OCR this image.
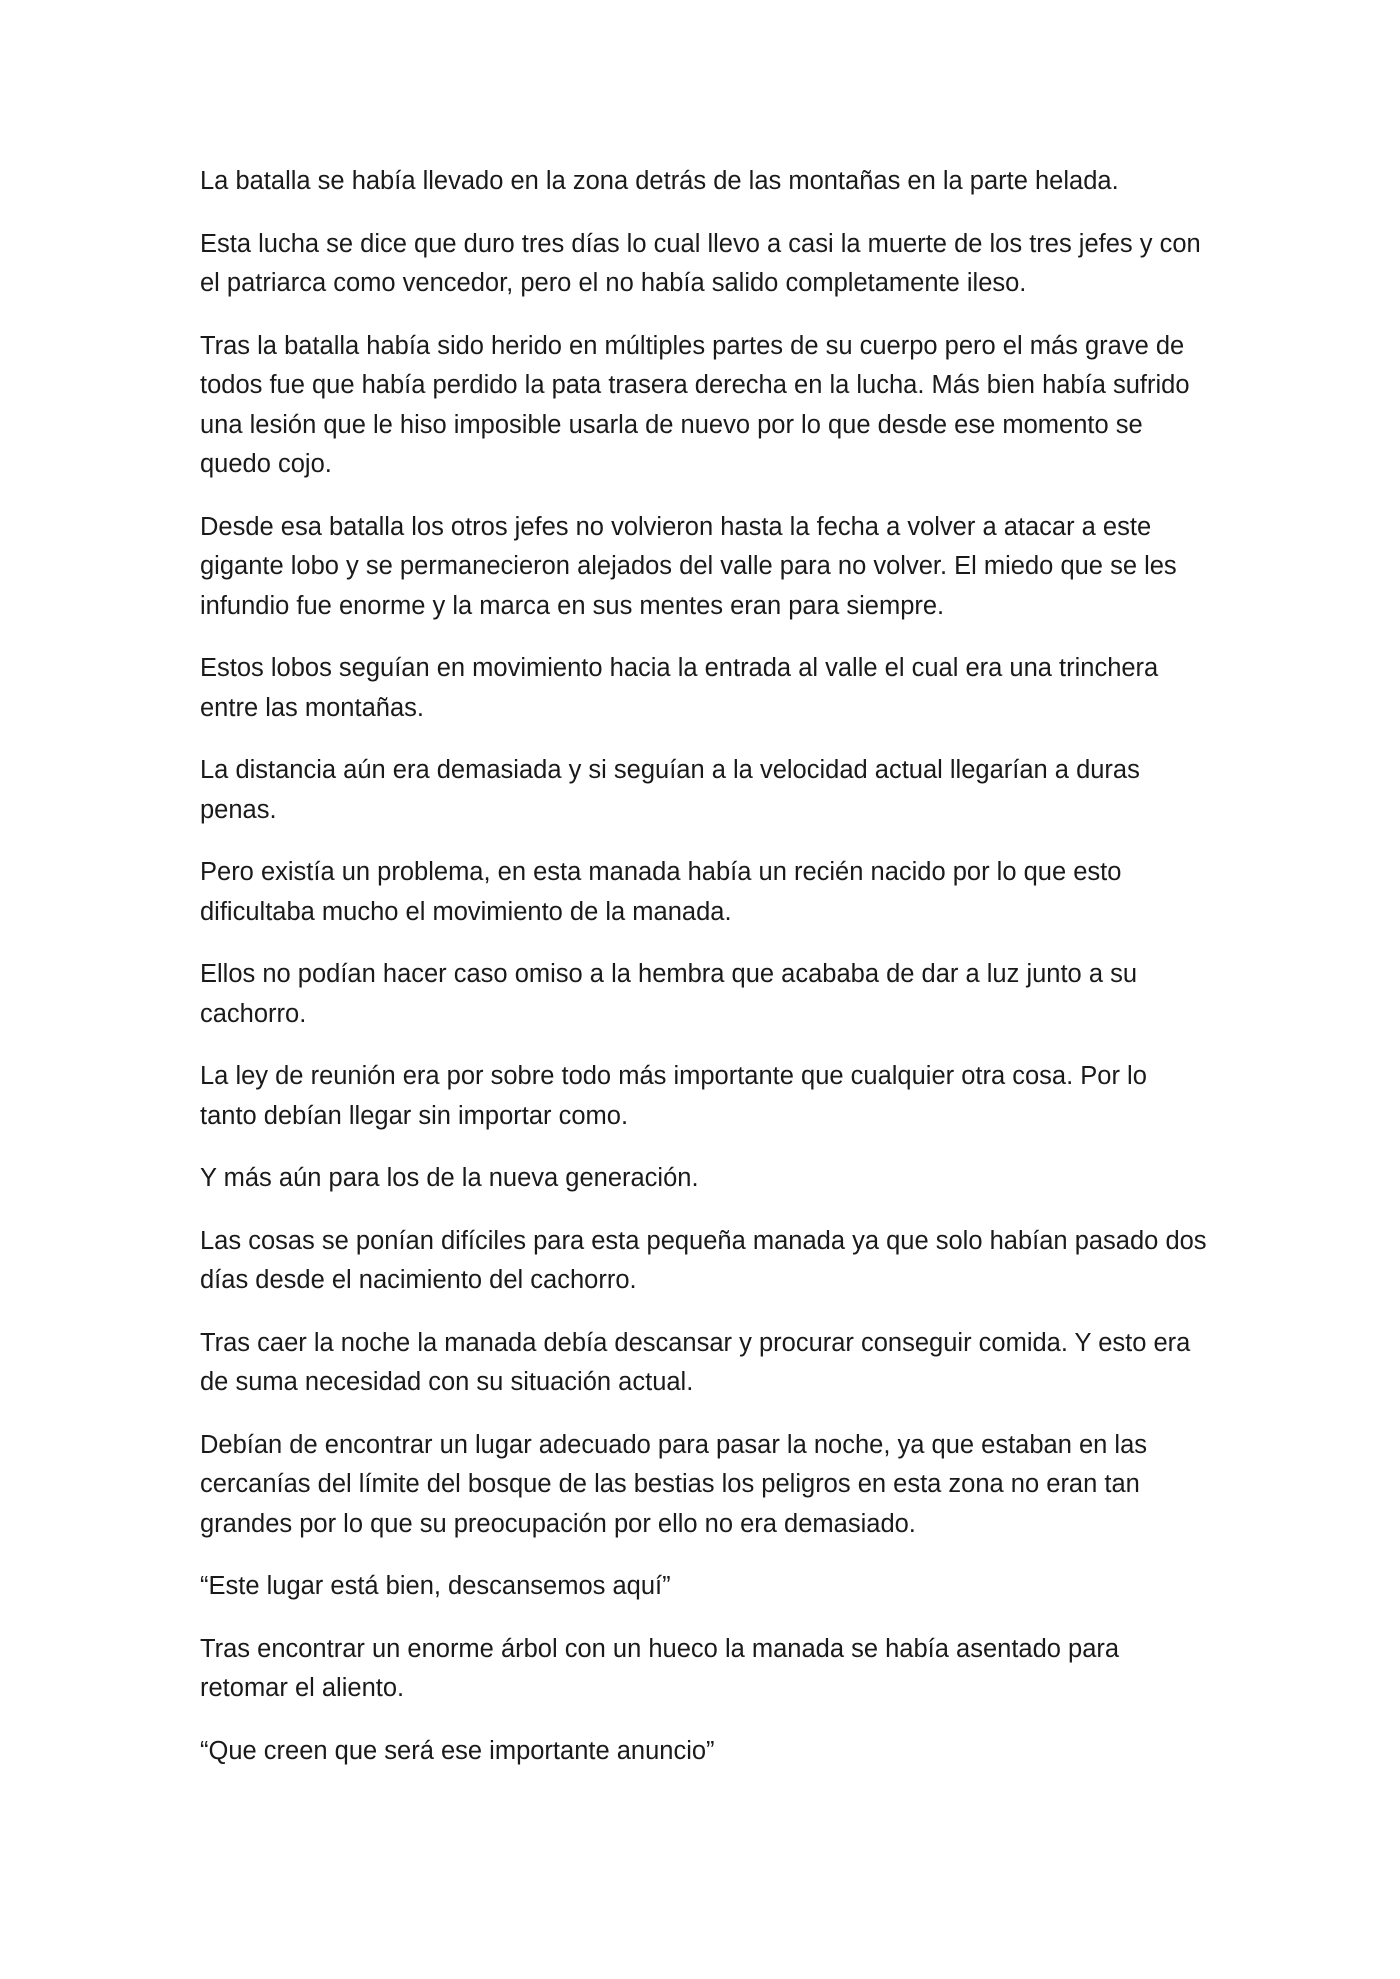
La batalla se había llevado en la zona detrás de las montañas en la parte helada.

Esta lucha se dice que duro tres días lo cual llevo a casi la muerte de los tres jefes y con el patriarca como vencedor, pero el no había salido completamente ileso.

Tras la batalla había sido herido en múltiples partes de su cuerpo pero el más grave de todos fue que había perdido la pata trasera derecha en la lucha. Más bien había sufrido una lesión que le hiso imposible usarla de nuevo por lo que desde ese momento se quedo cojo.

Desde esa batalla los otros jefes no volvieron hasta la fecha a volver a atacar a este gigante lobo y se permanecieron alejados del valle para no volver. El miedo que se les infundio fue enorme y la marca en sus mentes eran para siempre.

Estos lobos seguían en movimiento hacia la entrada al valle el cual era una trinchera entre las montañas.

La distancia aún era demasiada y si seguían a la velocidad actual llegarían a duras penas.

Pero existía un problema, en esta manada había un recién nacido por lo que esto dificultaba mucho el movimiento de la manada.

Ellos no podían hacer caso omiso a la hembra que acababa de dar a luz junto a su cachorro.

La ley de reunión era por sobre todo más importante que cualquier otra cosa. Por lo tanto debían llegar sin importar como.

Y más aún para los de la nueva generación.

Las cosas se ponían difíciles para esta pequeña manada ya que solo habían pasado dos días desde el nacimiento del cachorro.

Tras caer la noche la manada debía descansar y procurar conseguir comida. Y esto era de suma necesidad con su situación actual.

Debían de encontrar un lugar adecuado para pasar la noche, ya que estaban en las cercanías del límite del bosque de las bestias los peligros en esta zona no eran tan grandes por lo que su preocupación por ello no era demasiado.

“Este lugar está bien, descansemos aquí”

Tras encontrar un enorme árbol con un hueco la manada se había asentado para retomar el aliento.

“Que creen que será ese importante anuncio”
